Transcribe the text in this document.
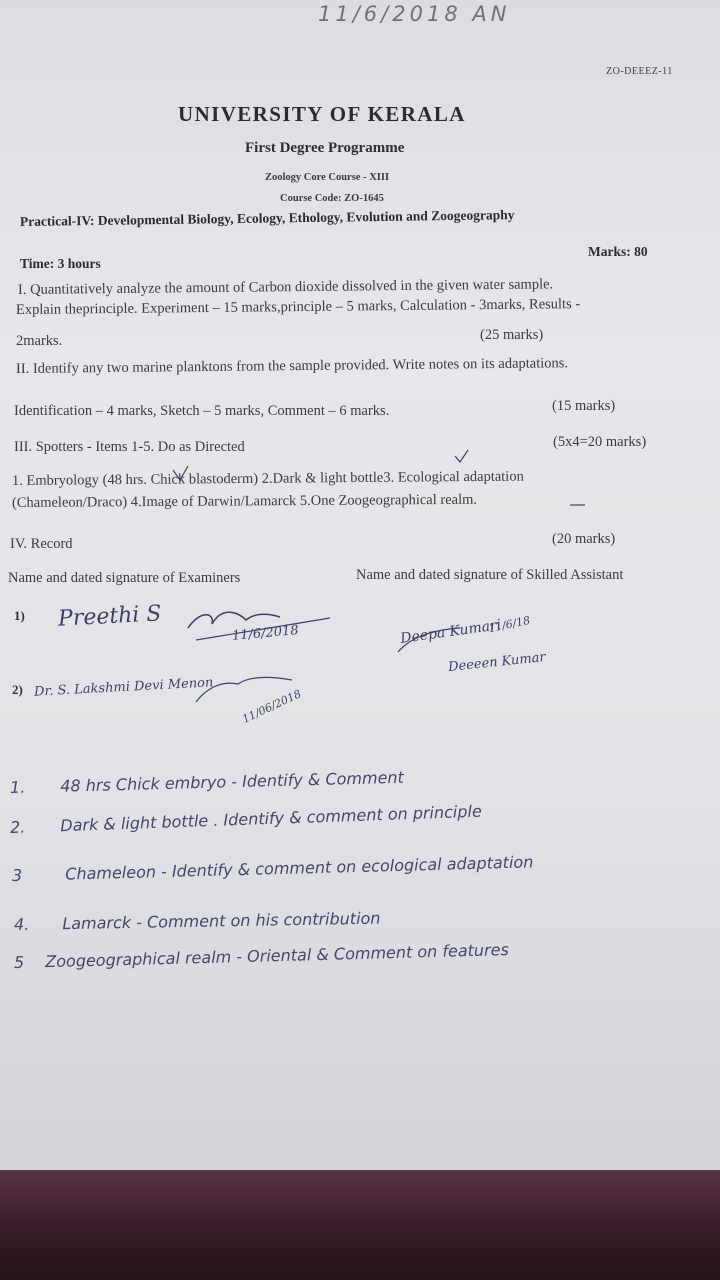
11/6/2018 AN
ZO-DEEEZ-11
UNIVERSITY OF KERALA
First Degree Programme
Zoology Core Course - XIII
Course Code: ZO-1645
Practical-IV: Developmental Biology, Ecology, Ethology, Evolution and Zoogeography
Marks: 80
Time: 3 hours
I. Quantitatively analyze the amount of Carbon dioxide dissolved in the given water sample.
Explain theprinciple. Experiment – 15 marks,principle – 5 marks, Calculation - 3marks, Results -
2marks.	(25 marks)
II. Identify any two marine planktons from the sample provided. Write notes on its adaptations.
Identification – 4 marks, Sketch – 5 marks, Comment – 6 marks.	(15 marks)
III. Spotters - Items 1-5. Do as Directed	(5x4=20 marks)
1. Embryology (48 hrs. Chick blastoderm) 2.Dark & light bottle3. Ecological adaptation
(Chameleon/Draco) 4.Image of Darwin/Lamarck 5.One Zoogeographical realm.
IV. Record	(20 marks)
Name and dated signature of Examiners	Name and dated signature of Skilled Assistant
1) Preethi S
11/6/2018
2) Dr. S. Lakshmi Devi Menon 11/06/2018
Deepa Kumari
11/6/18
Deeeen Kumar
1. 48 hrs Chick embryo - Identify & Comment
2. Dark & light bottle . Identify & comment on principle
3	Chameleon - Identify & comment on ecological adaptation
4. Lamarck - Comment on his contribution
5 Zoogeographical realm - Oriental & Comment on features
